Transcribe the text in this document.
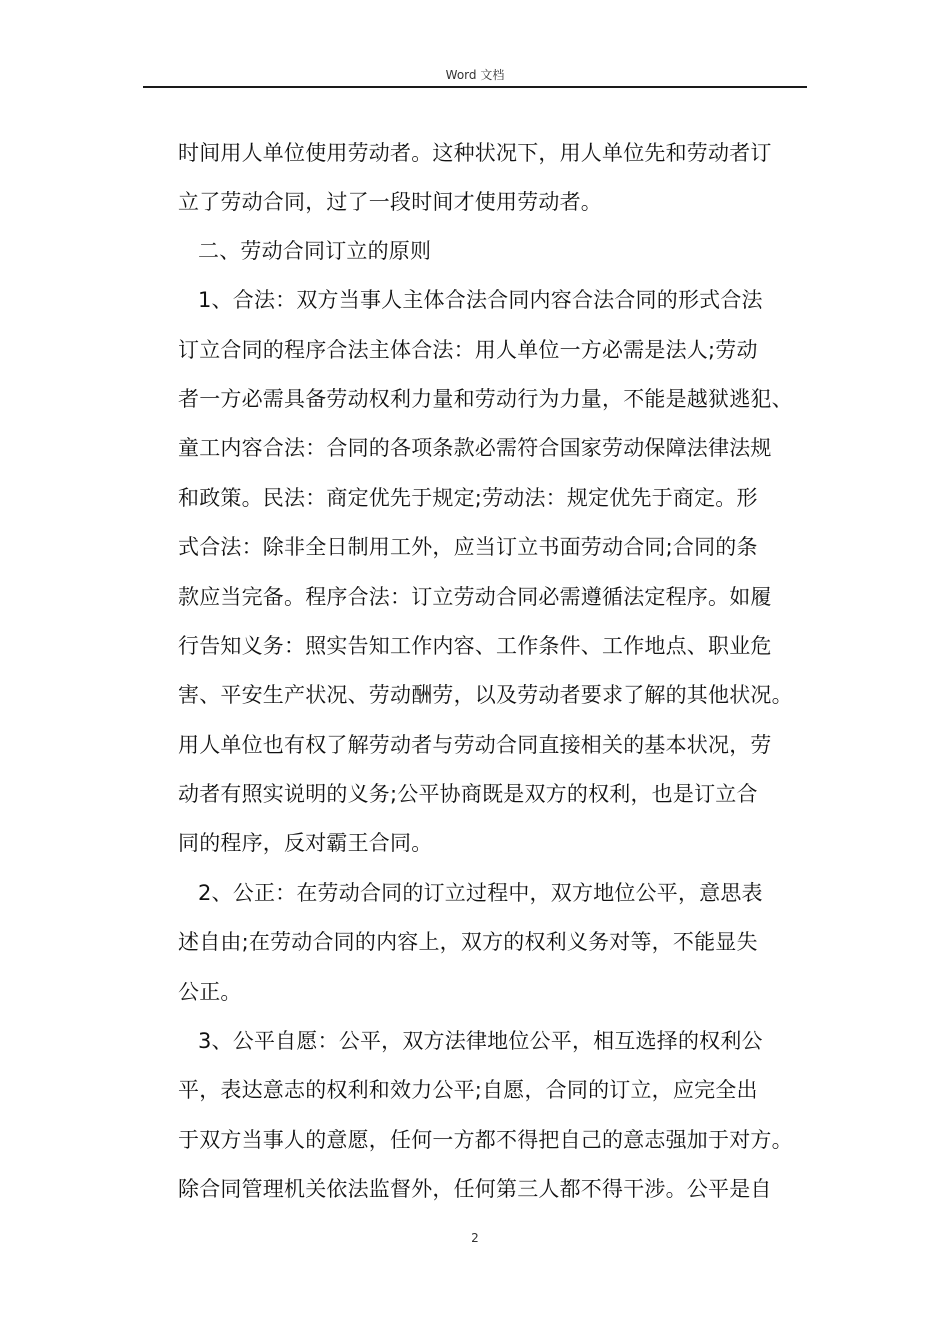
Word 文档
时间用人单位使用劳动者。这种状况下，用人单位先和劳动者订
立了劳动合同，过了一段时间才使用劳动者。
二、劳动合同订立的原则
1、合法：双方当事人主体合法合同内容合法合同的形式合法
订立合同的程序合法主体合法：用人单位一方必需是法人;劳动
者一方必需具备劳动权利力量和劳动行为力量，不能是越狱逃犯、
童工内容合法：合同的各项条款必需符合国家劳动保障法律法规
和政策。民法：商定优先于规定;劳动法：规定优先于商定。形
式合法：除非全日制用工外，应当订立书面劳动合同;合同的条
款应当完备。程序合法：订立劳动合同必需遵循法定程序。如履
行告知义务：照实告知工作内容、工作条件、工作地点、职业危
害、平安生产状况、劳动酬劳，以及劳动者要求了解的其他状况。
用人单位也有权了解劳动者与劳动合同直接相关的基本状况，劳
动者有照实说明的义务;公平协商既是双方的权利，也是订立合
同的程序，反对霸王合同。
2、公正：在劳动合同的订立过程中，双方地位公平，意思表
述自由;在劳动合同的内容上，双方的权利义务对等，不能显失
公正。
3、公平自愿：公平，双方法律地位公平，相互选择的权利公
平，表达意志的权利和效力公平;自愿，合同的订立，应完全出
于双方当事人的意愿，任何一方都不得把自己的意志强加于对方。
除合同管理机关依法监督外，任何第三人都不得干涉。公平是自
2
